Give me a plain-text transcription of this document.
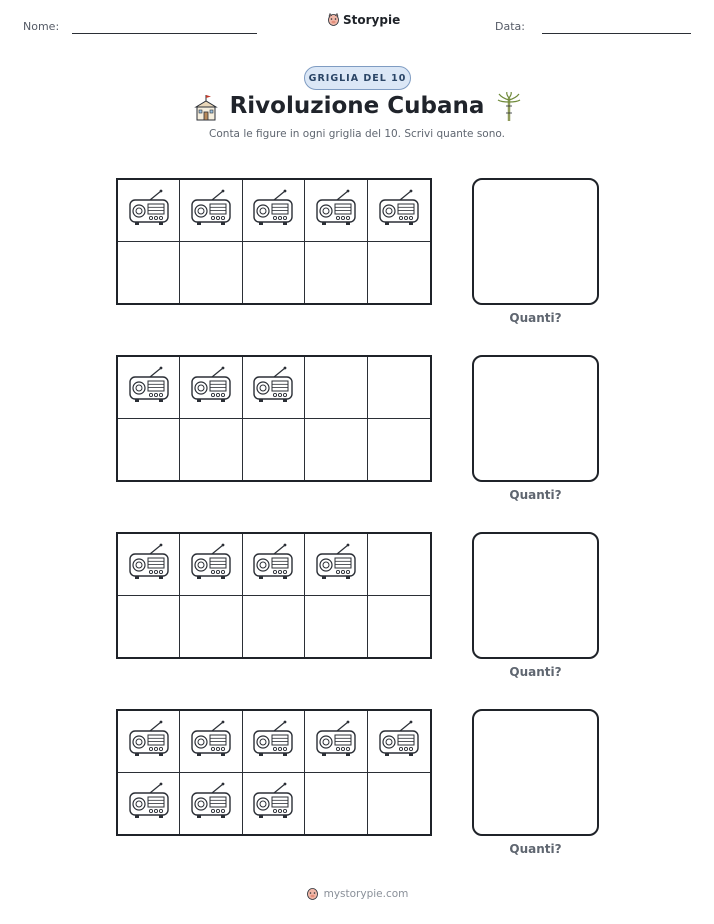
Nome:	Storypie	Data:
GRIGLIA DEL 10
Rivoluzione Cubana
Conta le figure in ogni griglia del 10. Scrivi quante sono.
Quanti?
Quanti?
Quanti?
Quanti?
mystorypie.com
